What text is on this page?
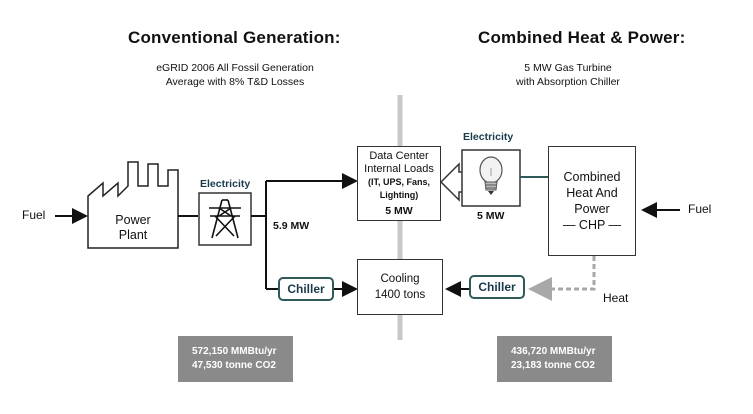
Conventional Generation:
eGRID 2006 All Fossil Generation
Average with 8% T&D Losses
Combined Heat & Power:
5 MW Gas Turbine
with Absorption Chiller
Fuel	Power
Plant
Electricity
5.9 MW
Chiller
Data Center
Internal Loads
(IT, UPS, Fans,
Lighting)
5 MW
Cooling
1400 tons
Electricity
5 MW
Combined
Heat And
Power
— CHP —
Fuel
Heat
Chiller
572,150 MMBtu/yr
47,530 tonne CO2
436,720 MMBtu/yr
23,183 tonne CO2
